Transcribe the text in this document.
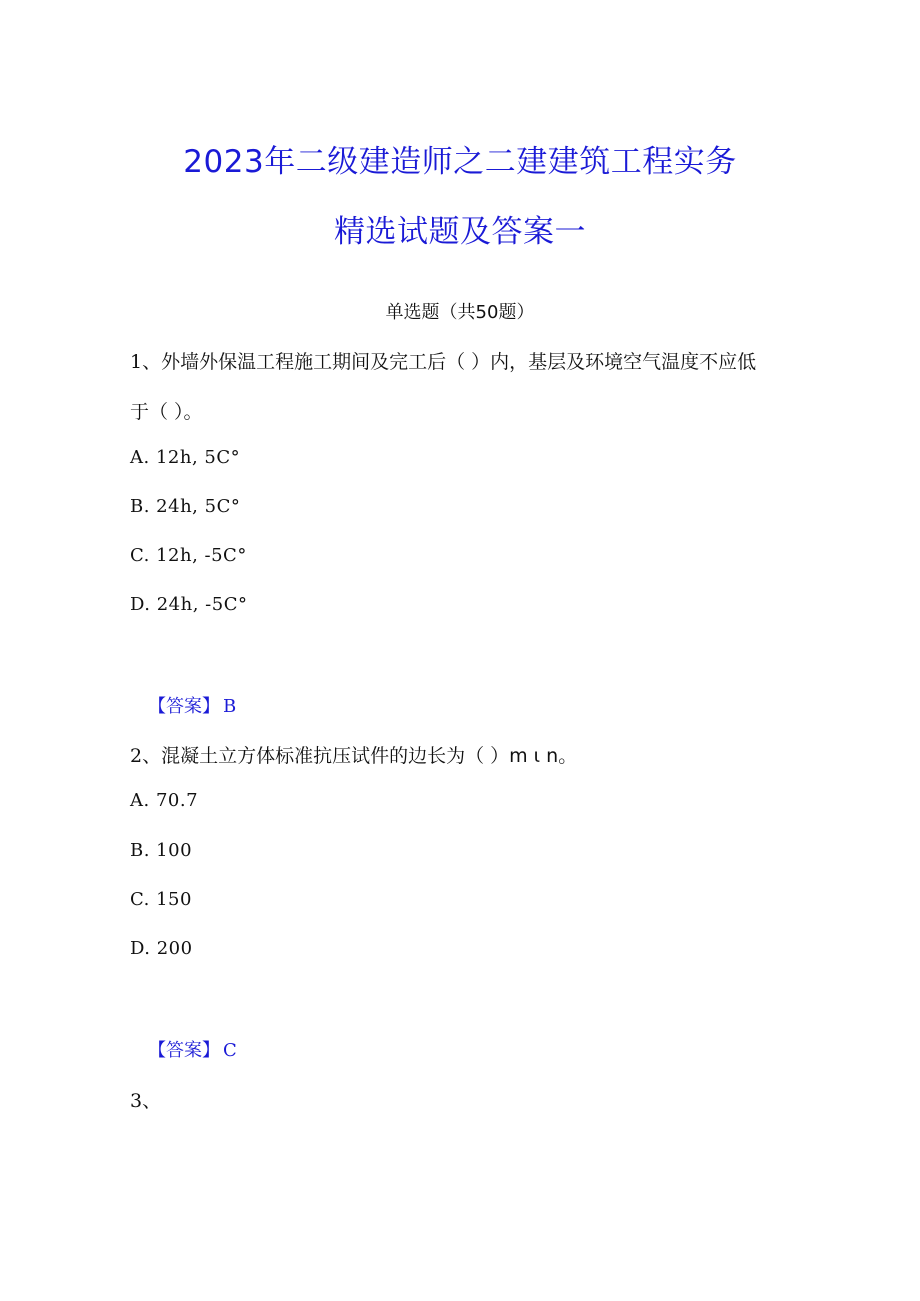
2023年二级建造师之二建建筑工程实务
精选试题及答案一
单选题（共50题）
1、外墙外保温工程施工期间及完工后（ ）内，基层及环境空气温度不应低
于（ ）。
A. 12h, 5C°
B. 24h, 5C°
C. 12h, -5C°
D. 24h, -5C°
【答案】 B
2、混凝土立方体标准抗压试件的边长为（ ）m ι n。
A. 70.7
B. 100
C. 150
D. 200
【答案】 C
3、
